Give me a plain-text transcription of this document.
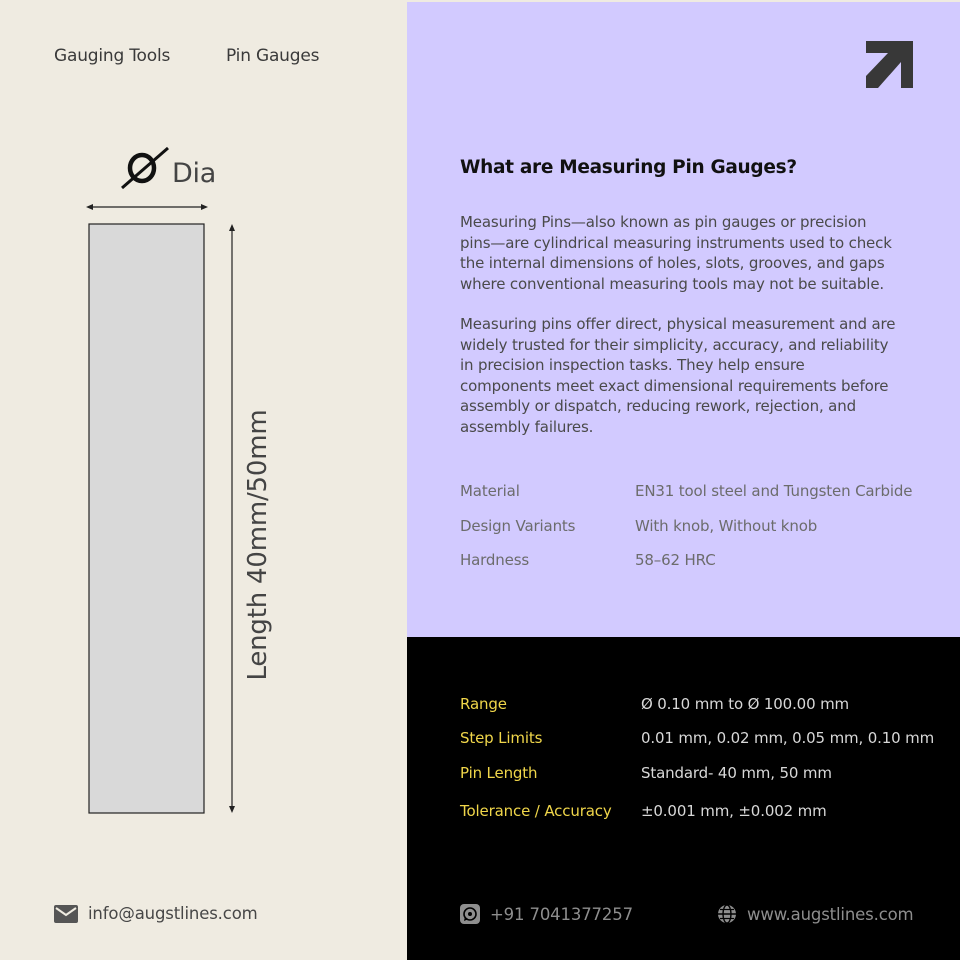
Gauging Tools	Pin Gauges
Dia
Length 40mm/50mm
What are Measuring Pin Gauges?
Measuring Pins—also known as pin gauges or precision pins—are cylindrical measuring instruments used to check the internal dimensions of holes, slots, grooves, and gaps where conventional measuring tools may not be suitable.
Measuring pins offer direct, physical measurement and are widely trusted for their simplicity, accuracy, and reliability in precision inspection tasks. They help ensure components meet exact dimensional requirements before assembly or dispatch, reducing rework, rejection, and assembly failures.
Material	EN31 tool steel and Tungsten Carbide
Design Variants	With knob, Without knob
Hardness	58–62 HRC
Range	Ø 0.10 mm to Ø 100.00 mm
Step Limits	0.01 mm, 0.02 mm, 0.05 mm, 0.10 mm
Pin Length	Standard- 40 mm, 50 mm
Tolerance / Accuracy ±0.001 mm, ±0.002 mm
info@augstlines.com	+91 7041377257	www.augstlines.com
